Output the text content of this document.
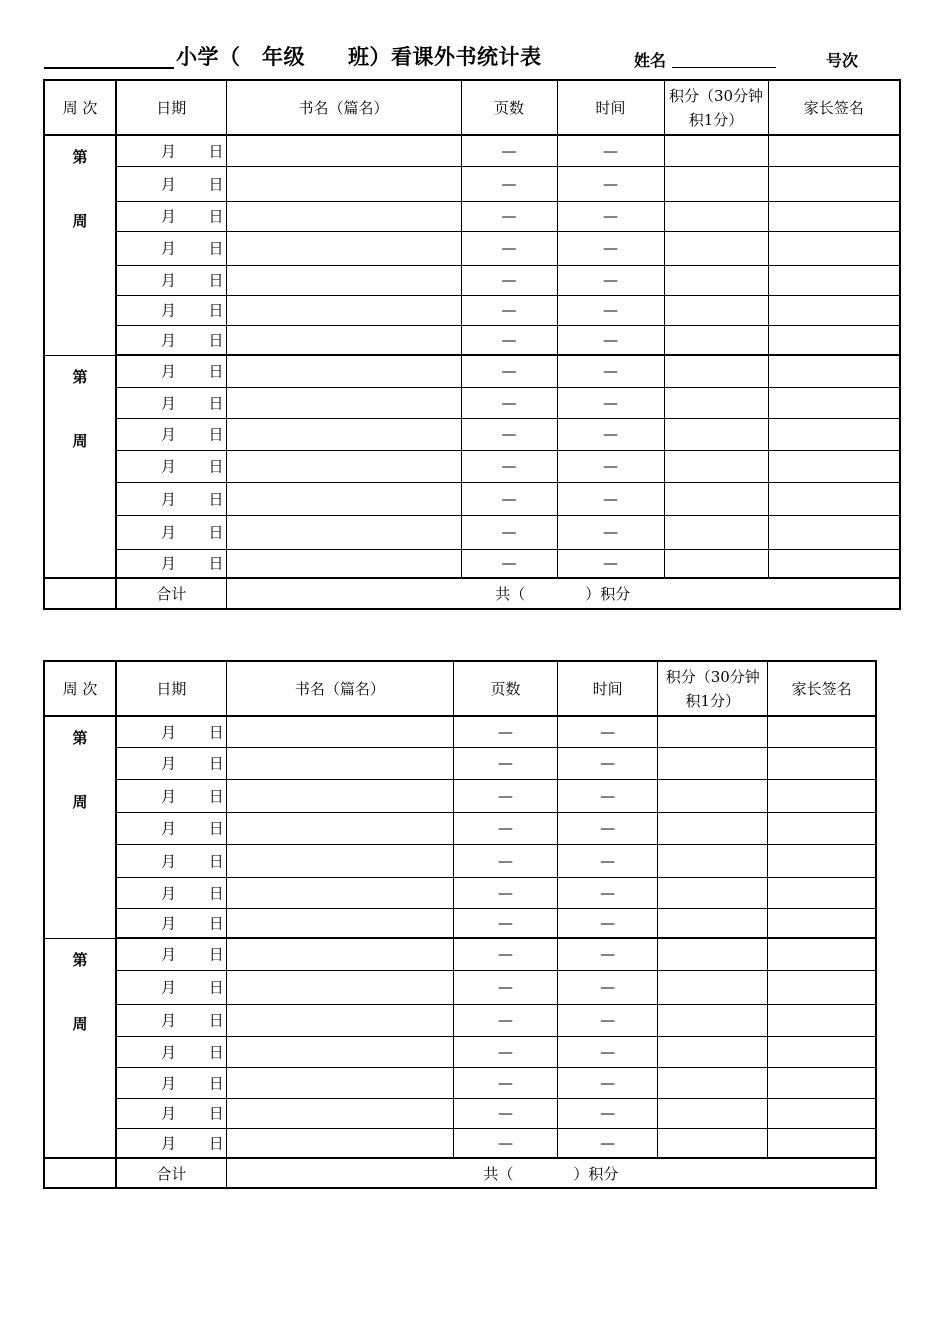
小学（　年级　　班）看课外书统计表	姓名	号次
周 次	日期	书名（篇名）	页数	时间	积分（30分钟积1分）	家长签名

第
周	月 日		—	—		

	月 日		—	—		

	月 日		—	—		

	月 日		—	—		

	月 日		—	—		

	月 日		—	—		

	月 日		—	—		

第
周	月 日		—	—		

	月 日		—	—		

	月 日		—	—		

	月 日		—	—		

	月 日		—	—		

	月 日		—	—		

	月 日		—	—		
	合计	共（　　　　）积分				
周 次	日期	书名（篇名）	页数	时间	积分（30分钟积1分）	家长签名

第
周	月 日		—	—		

	月 日		—	—		

	月 日		—	—		

	月 日		—	—		

	月 日		—	—		

	月 日		—	—		

	月 日		—	—		

第
周	月 日		—	—		

	月 日		—	—		

	月 日		—	—		

	月 日		—	—		

	月 日		—	—		

	月 日		—	—		

	月 日		—	—		
	合计	共（　　　　）积分				
